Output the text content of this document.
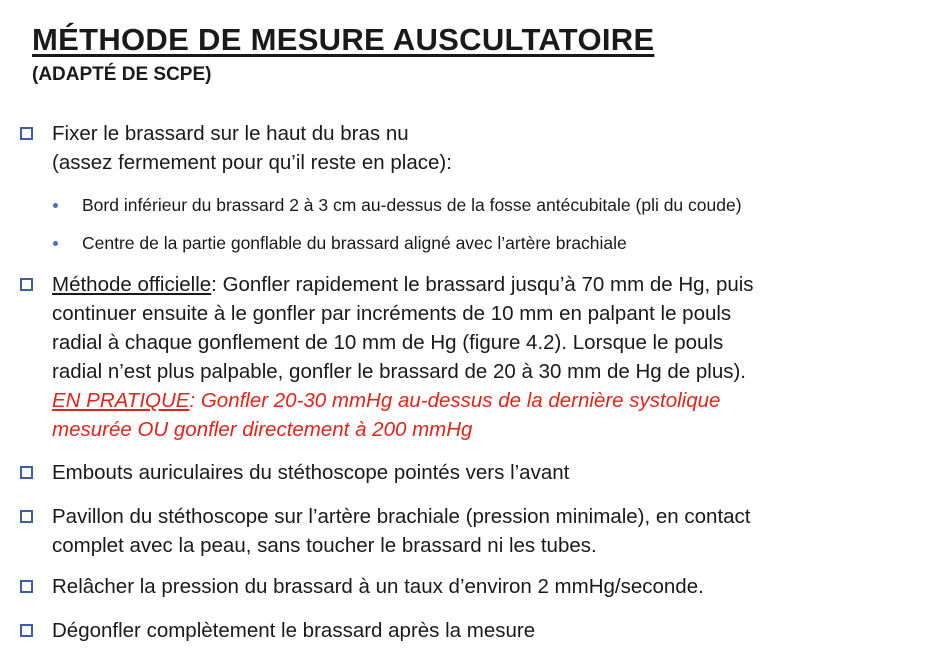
MÉTHODE DE MESURE AUSCULTATOIRE
(ADAPTÉ DE SCPE)
Fixer le brassard sur le haut du bras nu
(assez fermement pour qu’il reste en place):
Bord inférieur du brassard 2 à 3 cm au-dessus de la fosse antécubitale (pli du coude)
Centre de la partie gonflable du brassard aligné avec l’artère brachiale
Méthode officielle: Gonfler rapidement le brassard jusqu’à 70 mm de Hg, puis
continuer ensuite à le gonfler par incréments de 10 mm en palpant le pouls
radial à chaque gonflement de 10 mm de Hg (figure 4.2). Lorsque le pouls
radial n’est plus palpable, gonfler le brassard de 20 à 30 mm de Hg de plus).
EN PRATIQUE: Gonfler 20-30 mmHg au-dessus de la dernière systolique
mesurée OU gonfler directement à 200 mmHg
Embouts auriculaires du stéthoscope pointés vers l’avant
Pavillon du stéthoscope sur l’artère brachiale (pression minimale), en contact
complet avec la peau, sans toucher le brassard ni les tubes.
Relâcher la pression du brassard à un taux d’environ 2 mmHg/seconde.
Dégonfler complètement le brassard après la mesure
